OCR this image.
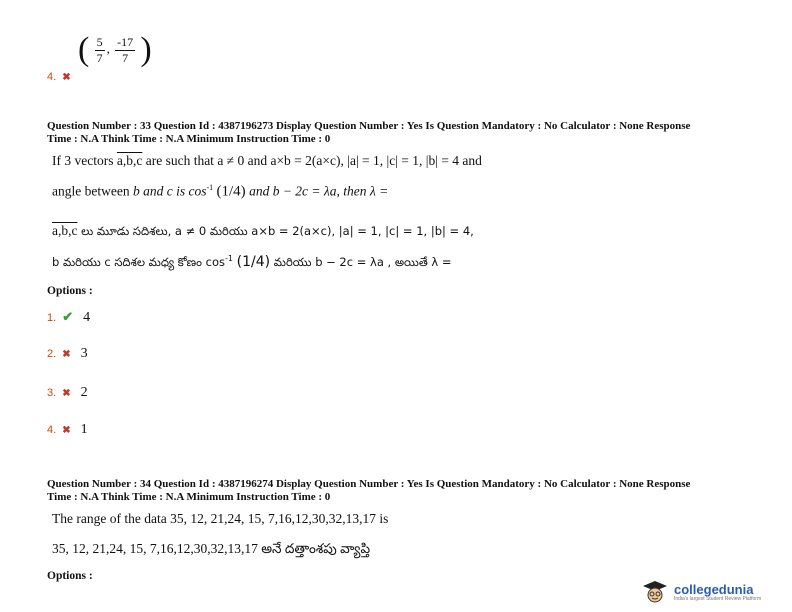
( $\frac{5}{7}$ , $\frac{-17}{7}$ )
4. ✖
Question Number : 33 Question Id : 4387196273 Display Question Number : Yes Is Question Mandatory : No Calculator : None Response
Time : N.A Think Time : N.A Minimum Instruction Time : 0
If 3 vectors a,b,c are such that a ≠ 0 and a×b = 2(a×c), |a| = 1, |c| = 1, |b| = 4 and
angle between b and c is $\cos^{-1} (1/4)$ and b − 2c = λa, then λ =
a,b,c లు మూడు సదిశలు, a ≠ 0 మరియు a×b = 2(a×c), |a| = 1, |c| = 1, |b| = 4,
b మరియు c సదిశల మధ్య కోణం $\cos^{-1} (1/4)$ మరియు b − 2c = λa , అయితే λ =
Options :
1. ✔ 4
2. ✖ 3
3. ✖ 2
4. ✖ 1
Question Number : 34 Question Id : 4387196274 Display Question Number : Yes Is Question Mandatory : No Calculator : None Response
Time : N.A Think Time : N.A Minimum Instruction Time : 0
The range of the data 35, 12, 21,24, 15, 7,16,12,30,32,13,17 is
35, 12, 21,24, 15, 7,16,12,30,32,13,17 అనే దత్తాంశపు వ్యాప్తి
Options :
collegedunia
India's largest Student Review Platform
